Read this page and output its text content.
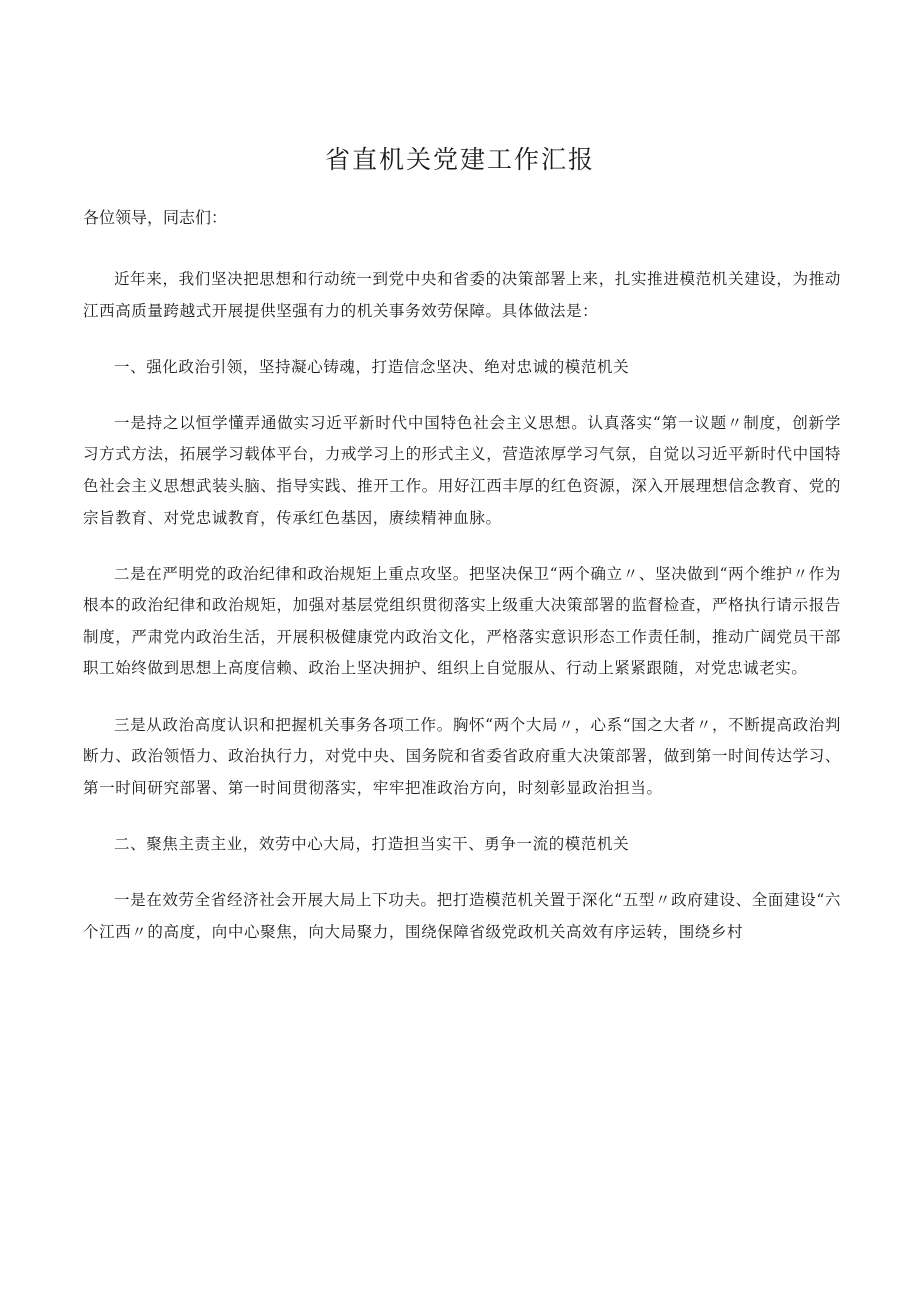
省直机关党建工作汇报

各位领导，同志们：

近年来，我们坚决把思想和行动统一到党中央和省委的决策部署上来，扎实推进模范机关建设，为推动江西高质量跨越式开展提供坚强有力的机关事务效劳保障。具体做法是：

一、强化政治引领，坚持凝心铸魂，打造信念坚决、绝对忠诚的模范机关

一是持之以恒学懂弄通做实习近平新时代中国特色社会主义思想。认真落实“第一议题〃制度，创新学习方式方法，拓展学习载体平台，力戒学习上的形式主义，营造浓厚学习气氛，自觉以习近平新时代中国特色社会主义思想武装头脑、指导实践、推开工作。用好江西丰厚的红色资源，深入开展理想信念教育、党的宗旨教育、对党忠诚教育，传承红色基因，赓续精神血脉。

二是在严明党的政治纪律和政治规矩上重点攻坚。把坚决保卫“两个确立〃、坚决做到“两个维护〃作为根本的政治纪律和政治规矩，加强对基层党组织贯彻落实上级重大决策部署的监督检查，严格执行请示报告制度，严肃党内政治生活，开展积极健康党内政治文化，严格落实意识形态工作责任制，推动广阔党员干部职工始终做到思想上高度信赖、政治上坚决拥护、组织上自觉服从、行动上紧紧跟随，对党忠诚老实。

三是从政治高度认识和把握机关事务各项工作。胸怀“两个大局〃，心系“国之大者〃，不断提高政治判断力、政治领悟力、政治执行力，对党中央、国务院和省委省政府重大决策部署，做到第一时间传达学习、第一时间研究部署、第一时间贯彻落实，牢牢把准政治方向，时刻彰显政治担当。

二、聚焦主责主业，效劳中心大局，打造担当实干、勇争一流的模范机关

一是在效劳全省经济社会开展大局上下功夫。把打造模范机关置于深化“五型〃政府建设、全面建设“六个江西〃的高度，向中心聚焦，向大局聚力，围绕保障省级党政机关高效有序运转，围绕乡村
